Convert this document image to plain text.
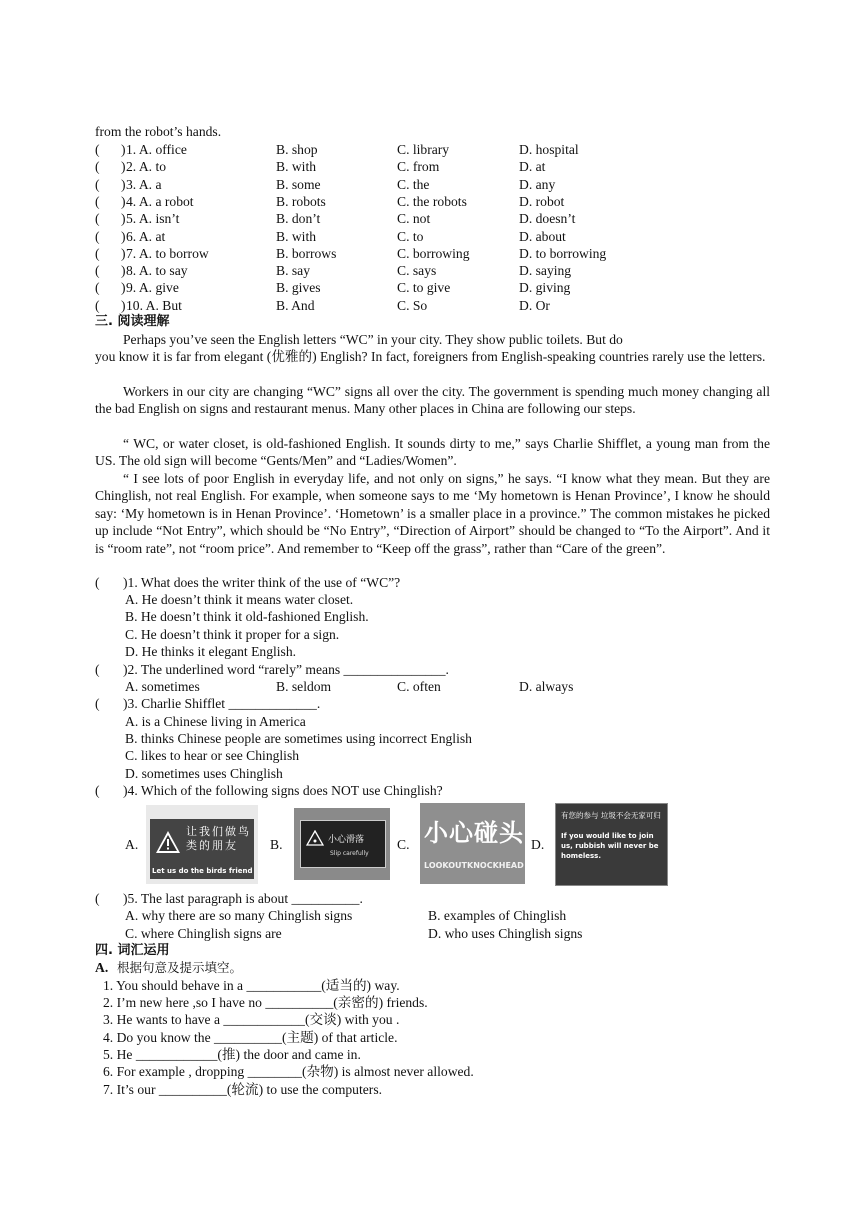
from the robot’s hands.
( ) 1. A. office	B. shop	C. library	D. hospital
( ) 2. A. to	B. with	C. from	D. at
( ) 3. A. a	B. some	C. the	D. any
( ) 4. A. a robot	B. robots	C. the robots	D. robot
( ) 5. A. isn’t	B. don’t	C. not	D. doesn’t
( ) 6. A. at	B. with	C. to	D. about
( ) 7. A. to borrow	B. borrows	C. borrowing	D. to borrowing
( ) 8. A. to say	B. say	C. says	D. saying
( ) 9. A. give	B. gives	C. to give	D. giving
( ) 10. A. But	B. And	C. So	D. Or
三. 阅读理解
Perhaps you’ve seen the English letters “WC” in your city. They show public toilets. But do
you know it is far from elegant (优雅的) English? In fact, foreigners from English-speaking countries rarely use the letters.
Workers in our city are changing “WC” signs all over the city. The government is spending much money changing all the bad English on signs and restaurant menus. Many other places in China are following our steps.
“ WC, or water closet, is old-fashioned English. It sounds dirty to me,” says Charlie Shifflet, a young man from the US. The old sign will become “Gents/Men” and “Ladies/Women”.
“ I see lots of poor English in everyday life, and not only on signs,” he says. “I know what they mean. But they are Chinglish, not real English. For example, when someone says to me ‘My hometown is Henan Province’, I know he should say: ‘My hometown is in Henan Province’. ‘Hometown’ is a smaller place in a province.” The common mistakes he picked up include “Not Entry”, which should be “No Entry”, “Direction of Airport” should be changed to “To the Airport”. And it is “room rate”, not “room price”. And remember to “Keep off the grass”, rather than “Care of the green”.
( )1. What does the writer think of the use of “WC”?
A. He doesn’t think it means water closet.
B. He doesn’t think it old-fashioned English.
C. He doesn’t think it proper for a sign.
D. He thinks it elegant English.
( )2. The underlined word “rarely” means _______________.
A. sometimes	B. seldom	C. often	D. always
( )3. Charlie Shifflet _____________.
A. is a Chinese living in America
B. thinks Chinese people are sometimes using incorrect English
C. likes to hear or see Chinglish
D. sometimes uses Chinglish
( )4. Which of the following signs does NOT use Chinglish?
A.
让我们做鸟类的朋友
Let us do the birds friend
B.	小心滑落
Slip carefully
C. 小心碰头
LOOKOUTKNOCKHEAD
D.
有您的参与 垃圾不会无家可归
If you would like to join us, rubbish will never be homeless.
( )5. The last paragraph is about __________.
A. why there are so many Chinglish signs	B. examples of Chinglish
C. where Chinglish signs are	D. who uses Chinglish signs
四. 词汇运用
A. 根据句意及提示填空。
1. You should behave in a ___________(适当的) way.
2. I’m new here ,so I have no __________(亲密的) friends.
3. He wants to have a ____________(交谈) with you .
4. Do you know the __________(主题) of that article.
5. He ____________(推) the door and came in.
6. For example , dropping ________(杂物) is almost never allowed.
7. It’s our __________(轮流) to use the computers.
